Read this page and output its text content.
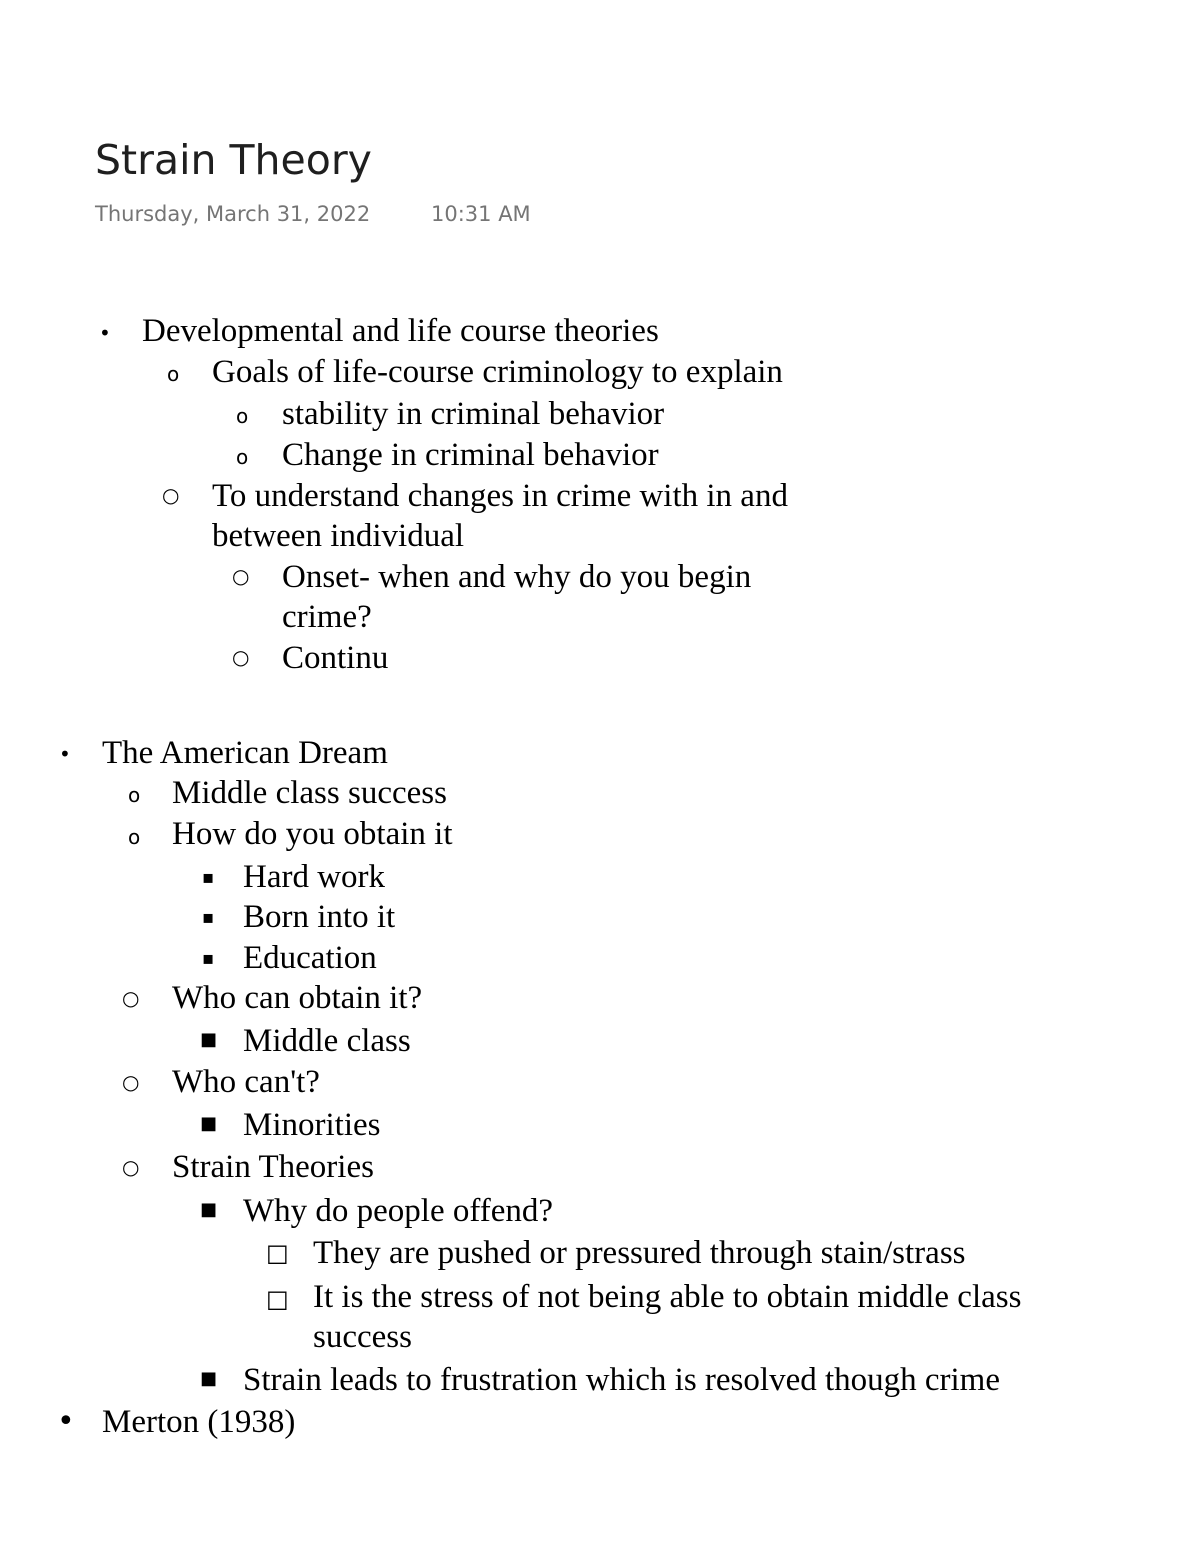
Strain Theory
Thursday, March 31, 2022	10:31 AM
• Developmental and life course theories
o Goals of life-course criminology to explain
o stability in criminal behavior
o Change in criminal behavior
○ To understand changes in crime with in and
between individual
○ Onset- when and why do you begin
crime?
○ Continu
• The American Dream
o Middle class success
o How do you obtain it
▪ Hard work
▪ Born into it
▪ Education
○ Who can obtain it?
■ Middle class
○ Who can't?
■ Minorities
○ Strain Theories
■ Why do people offend?
□ They are pushed or pressured through stain/strass
□ It is the stress of not being able to obtain middle class
success
■ Strain leads to frustration which is resolved though crime
• Merton (1938)
